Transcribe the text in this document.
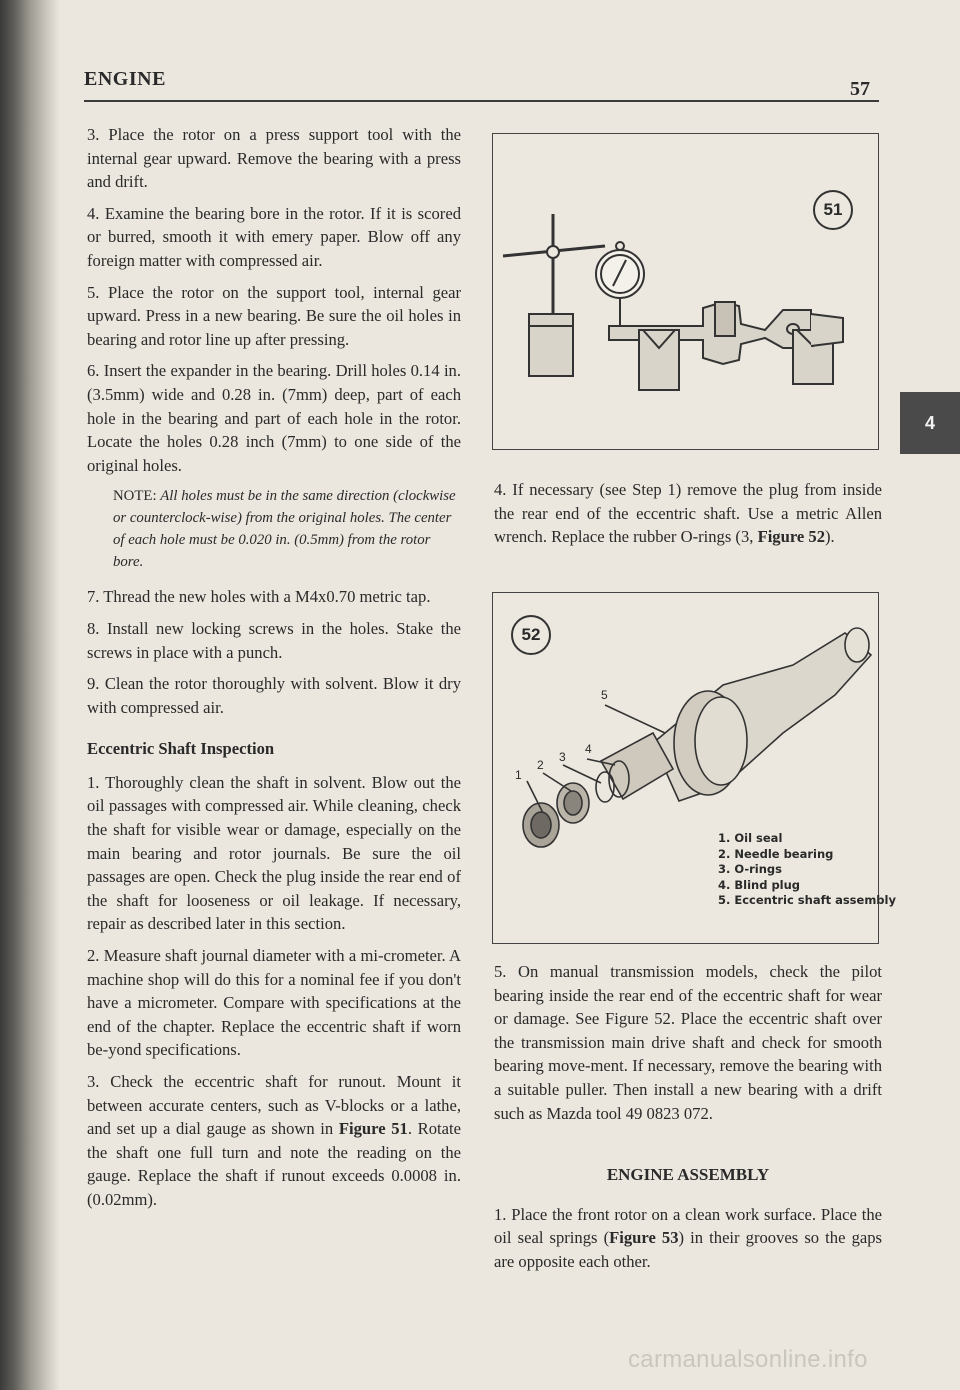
ENGINE	57

3. Place the rotor on a press support tool with the internal gear upward. Remove the bearing with a press and drift.

4. Examine the bearing bore in the rotor. If it is scored or burred, smooth it with emery paper. Blow off any foreign matter with compressed air.

5. Place the rotor on the support tool, internal gear upward. Press in a new bearing. Be sure the oil holes in bearing and rotor line up after pressing.

6. Insert the expander in the bearing. Drill holes 0.14 in. (3.5mm) wide and 0.28 in. (7mm) deep, part of each hole in the bearing and part of each hole in the rotor. Locate the holes 0.28 inch (7mm) to one side of the original holes.

NOTE: All holes must be in the same direction (clockwise or counterclock-wise) from the original holes. The center of each hole must be 0.020 in. (0.5mm) from the rotor bore.

7. Thread the new holes with a M4x0.70 metric tap.

8. Install new locking screws in the holes. Stake the screws in place with a punch.

9. Clean the rotor thoroughly with solvent. Blow it dry with compressed air.

Eccentric Shaft Inspection

1. Thoroughly clean the shaft in solvent. Blow out the oil passages with compressed air. While cleaning, check the shaft for visible wear or damage, especially on the main bearing and rotor journals. Be sure the oil passages are open. Check the plug inside the rear end of the shaft for looseness or oil leakage. If necessary, repair as described later in this section.

2. Measure shaft journal diameter with a mi-crometer. A machine shop will do this for a nominal fee if you don't have a micrometer. Compare with specifications at the end of the chapter. Replace the eccentric shaft if worn be-yond specifications.

3. Check the eccentric shaft for runout. Mount it between accurate centers, such as V-blocks or a lathe, and set up a dial gauge as shown in Figure 51. Rotate the shaft one full turn and note the reading on the gauge. Replace the shaft if runout exceeds 0.0008 in. (0.02mm).

51

4. If necessary (see Step 1) remove the plug from inside the rear end of the eccentric shaft. Use a metric Allen wrench. Replace the rubber O-rings (3, Figure 52).

52
1
2
3
4
5
1. Oil seal
2. Needle bearing
3. O-rings
4. Blind plug
5. Eccentric shaft assembly

5. On manual transmission models, check the pilot bearing inside the rear end of the eccentric shaft for wear or damage. See Figure 52. Place the eccentric shaft over the transmission main drive shaft and check for smooth bearing move-ment. If necessary, remove the bearing with a suitable puller. Then install a new bearing with a drift such as Mazda tool 49 0823 072.

ENGINE ASSEMBLY

1. Place the front rotor on a clean work surface. Place the oil seal springs (Figure 53) in their grooves so the gaps are opposite each other.

4
carmanualsonline.info
